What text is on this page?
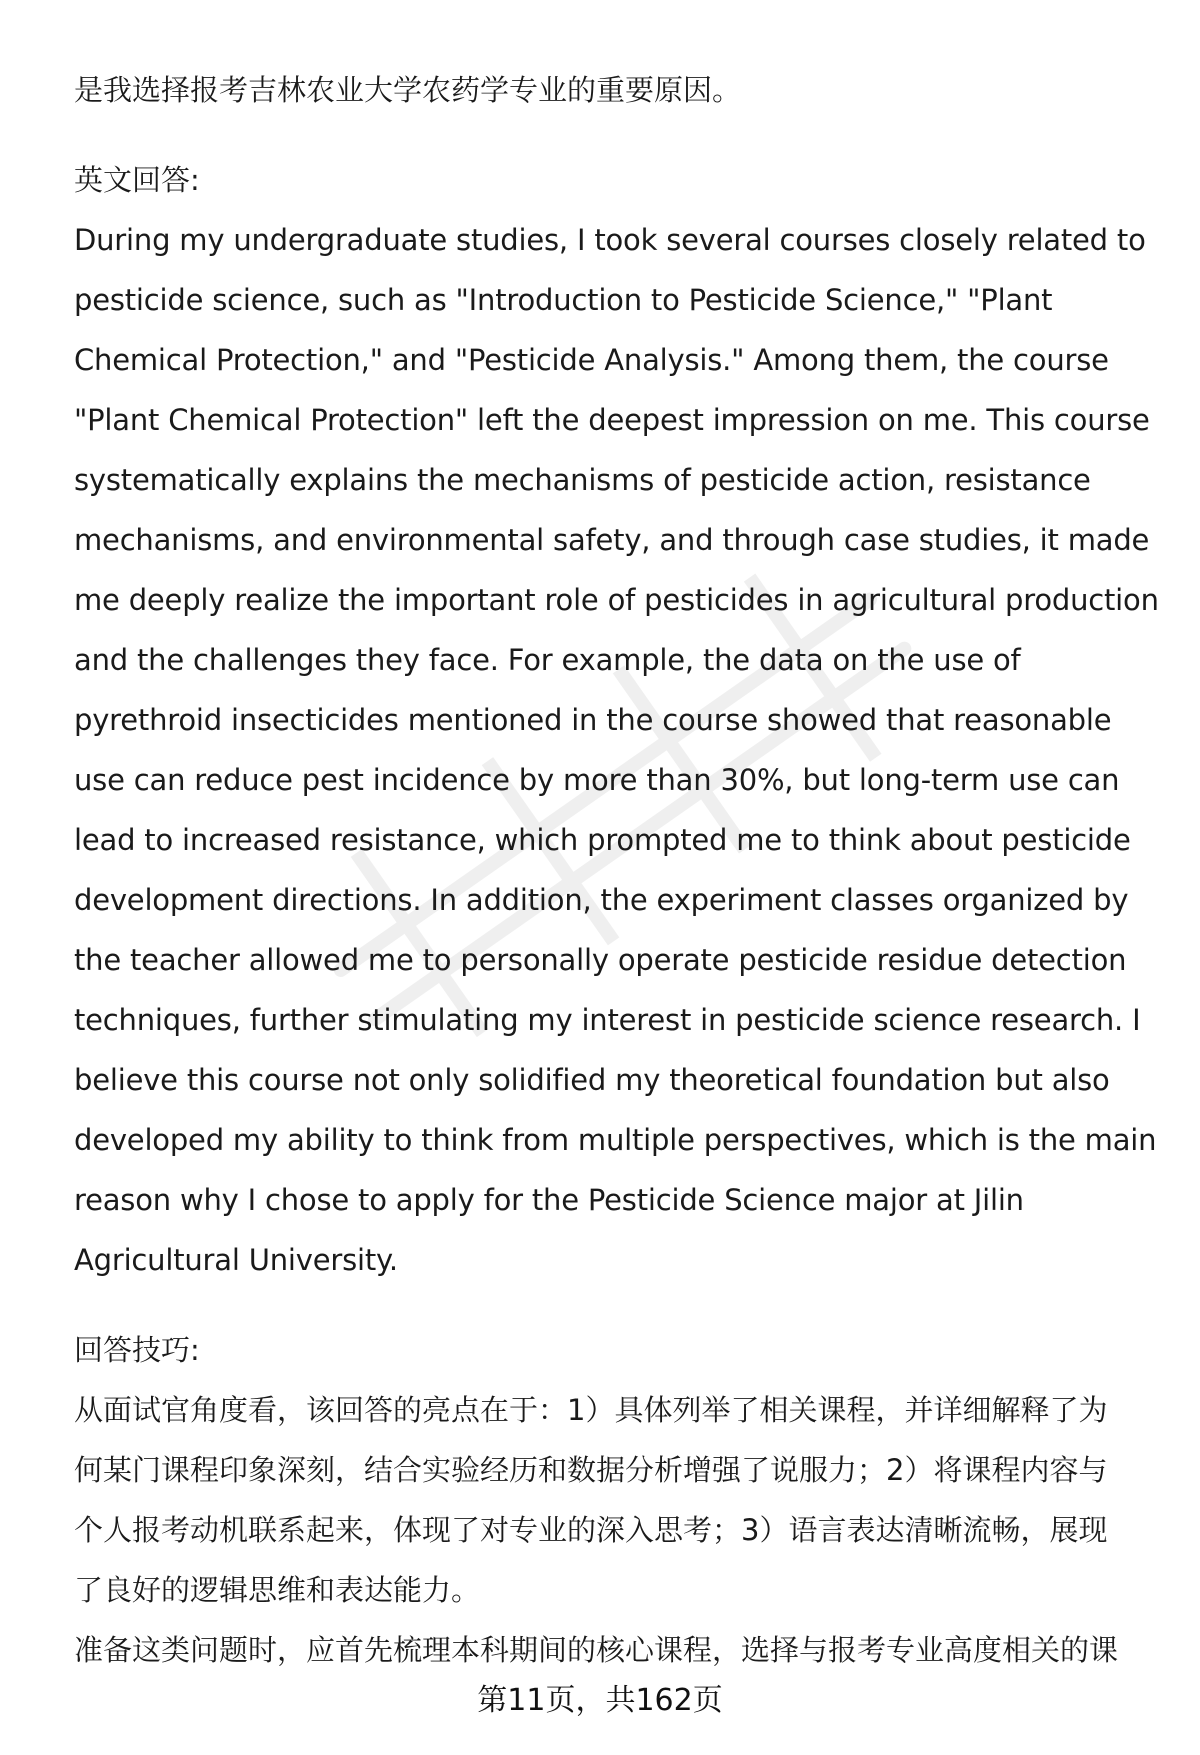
是我选择报考吉林农业大学农药学专业的重要原因。
英文回答:
During my undergraduate studies, I took several courses closely related to
pesticide science, such as "Introduction to Pesticide Science," "Plant
Chemical Protection," and "Pesticide Analysis." Among them, the course
"Plant Chemical Protection" left the deepest impression on me. This course
systematically explains the mechanisms of pesticide action, resistance
mechanisms, and environmental safety, and through case studies, it made
me deeply realize the important role of pesticides in agricultural production
and the challenges they face. For example, the data on the use of
pyrethroid insecticides mentioned in the course showed that reasonable
use can reduce pest incidence by more than 30%, but long-term use can
lead to increased resistance, which prompted me to think about pesticide
development directions. In addition, the experiment classes organized by
the teacher allowed me to personally operate pesticide residue detection
techniques, further stimulating my interest in pesticide science research. I
believe this course not only solidified my theoretical foundation but also
developed my ability to think from multiple perspectives, which is the main
reason why I chose to apply for the Pesticide Science major at Jilin
Agricultural University.
回答技巧:
从面试官角度看，该回答的亮点在于：1）具体列举了相关课程，并详细解释了为
何某门课程印象深刻，结合实验经历和数据分析增强了说服力；2）将课程内容与
个人报考动机联系起来，体现了对专业的深入思考；3）语言表达清晰流畅，展现
了良好的逻辑思维和表达能力。
准备这类问题时，应首先梳理本科期间的核心课程，选择与报考专业高度相关的课
第11页，共162页
